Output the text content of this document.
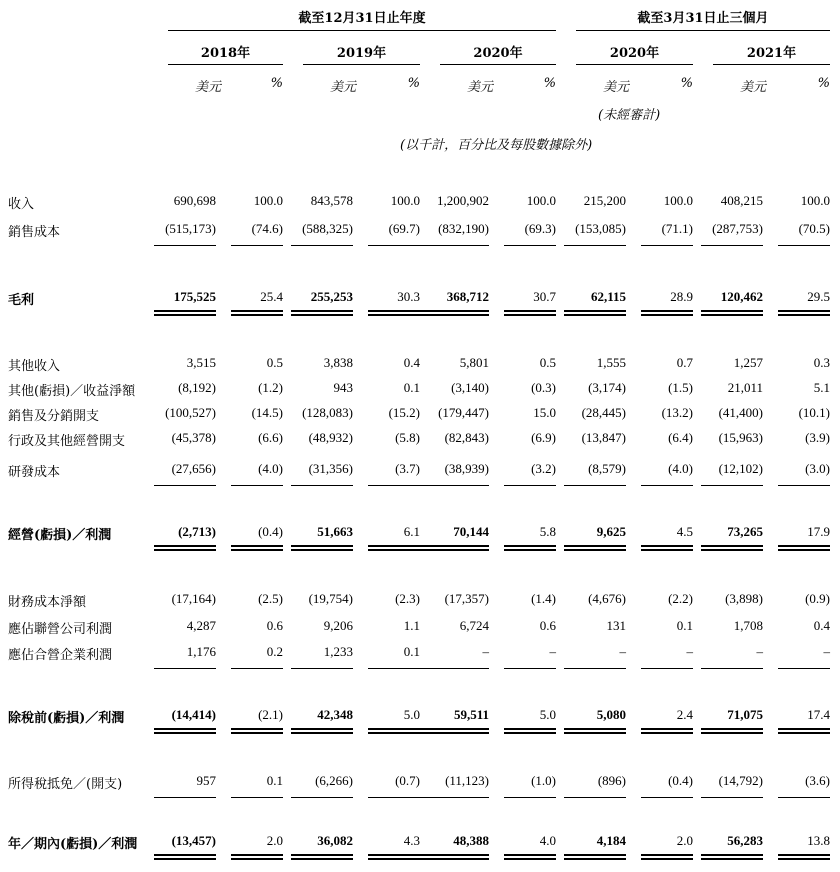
截至12月31日止年度	截至3月31日止三個月
2018年	2019年	2020年	2020年	2021年
美元	%	美元	%	美元	%	美元	%	美元	%
(未經審計)
(以千計，百分比及每股數據除外)
收入	690,698	100.0	843,578	100.0	1,200,902	100.0	215,200	100.0	408,215	100.0
銷售成本	(515,173)	(74.6)	(588,325)	(69.7)	(832,190)	(69.3)	(153,085)	(71.1)	(287,753)	(70.5)
毛利	175,525	25.4	255,253	30.3	368,712	30.7	62,115	28.9	120,462	29.5
其他收入	3,515	0.5	3,838	0.4	5,801	0.5	1,555	0.7	1,257	0.3
其他(虧損)／收益淨額	(8,192)	(1.2)	943	0.1	(3,140)	(0.3)	(3,174)	(1.5)	21,011	5.1
銷售及分銷開支	(100,527)	(14.5)	(128,083)	(15.2)	(179,447)	15.0	(28,445)	(13.2)	(41,400)	(10.1)
行政及其他經營開支	(45,378)	(6.6)	(48,932)	(5.8)	(82,843)	(6.9)	(13,847)	(6.4)	(15,963)	(3.9)
研發成本	(27,656)	(4.0)	(31,356)	(3.7)	(38,939)	(3.2)	(8,579)	(4.0)	(12,102)	(3.0)
經營(虧損)／利潤	(2,713)	(0.4)	51,663	6.1	70,144	5.8	9,625	4.5	73,265	17.9
財務成本淨額	(17,164)	(2.5)	(19,754)	(2.3)	(17,357)	(1.4)	(4,676)	(2.2)	(3,898)	(0.9)
應佔聯營公司利潤	4,287	0.6	9,206	1.1	6,724	0.6	131	0.1	1,708	0.4
應佔合營企業利潤	1,176	0.2	1,233	0.1	–	–	–	–	–	–
除稅前(虧損)／利潤	(14,414)	(2.1)	42,348	5.0	59,511	5.0	5,080	2.4	71,075	17.4
所得稅抵免／(開支)	957	0.1	(6,266)	(0.7)	(11,123)	(1.0)	(896)	(0.4)	(14,792)	(3.6)
年／期內(虧損)／利潤	(13,457)	2.0	36,082	4.3	48,388	4.0	4,184	2.0	56,283	13.8
